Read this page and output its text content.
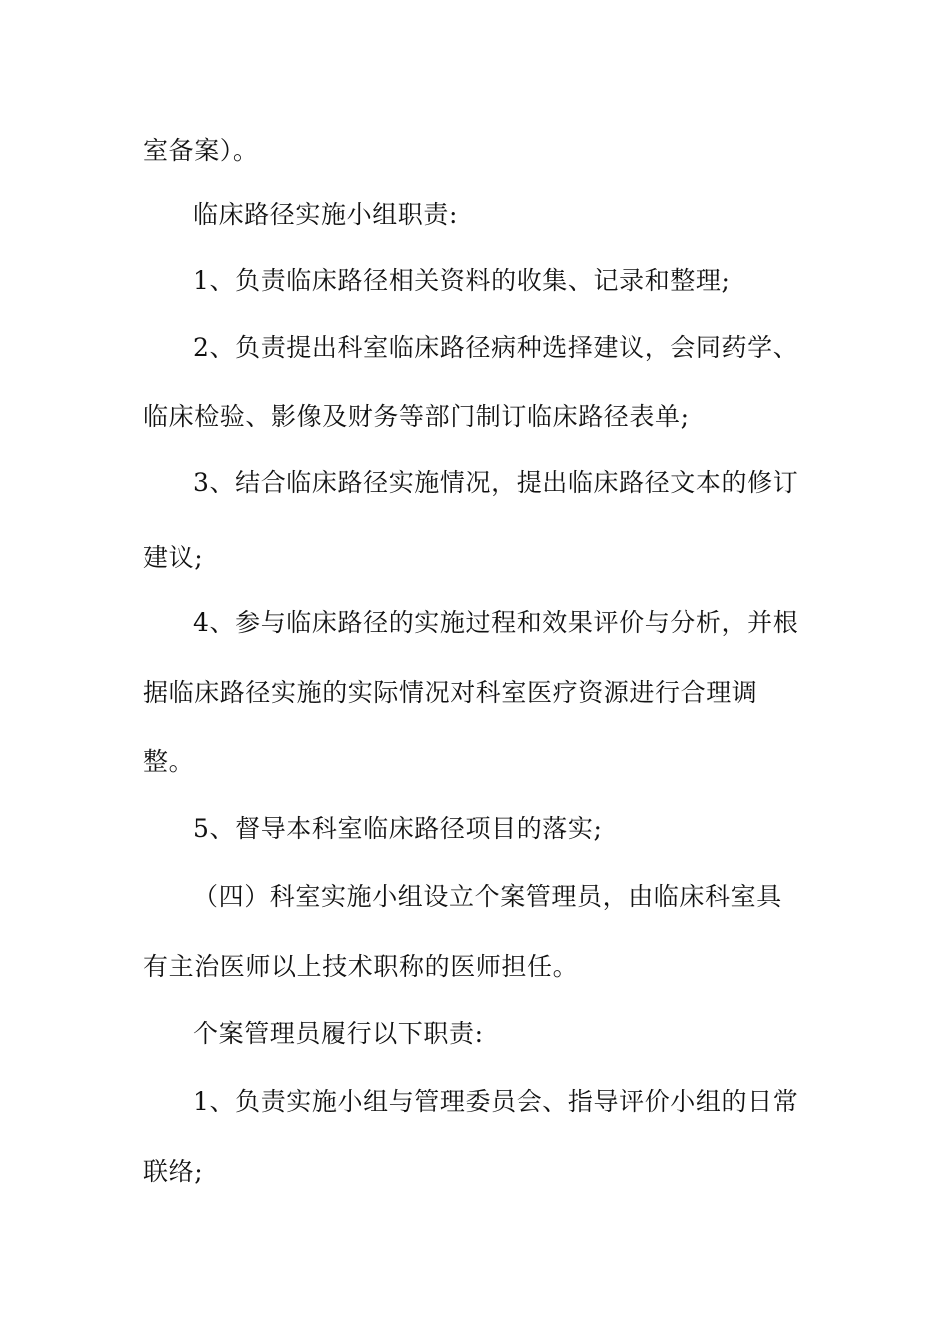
室备案）。
临床路径实施小组职责:
1、负责临床路径相关资料的收集、记录和整理;
2、负责提出科室临床路径病种选择建议，会同药学、
临床检验、影像及财务等部门制订临床路径表单;
3、结合临床路径实施情况，提出临床路径文本的修订
建议;
4、参与临床路径的实施过程和效果评价与分析，并根
据临床路径实施的实际情况对科室医疗资源进行合理调
整。
5、督导本科室临床路径项目的落实;
（四）科室实施小组设立个案管理员，由临床科室具
有主治医师以上技术职称的医师担任。
个案管理员履行以下职责:
1、负责实施小组与管理委员会、指导评价小组的日常
联络;
